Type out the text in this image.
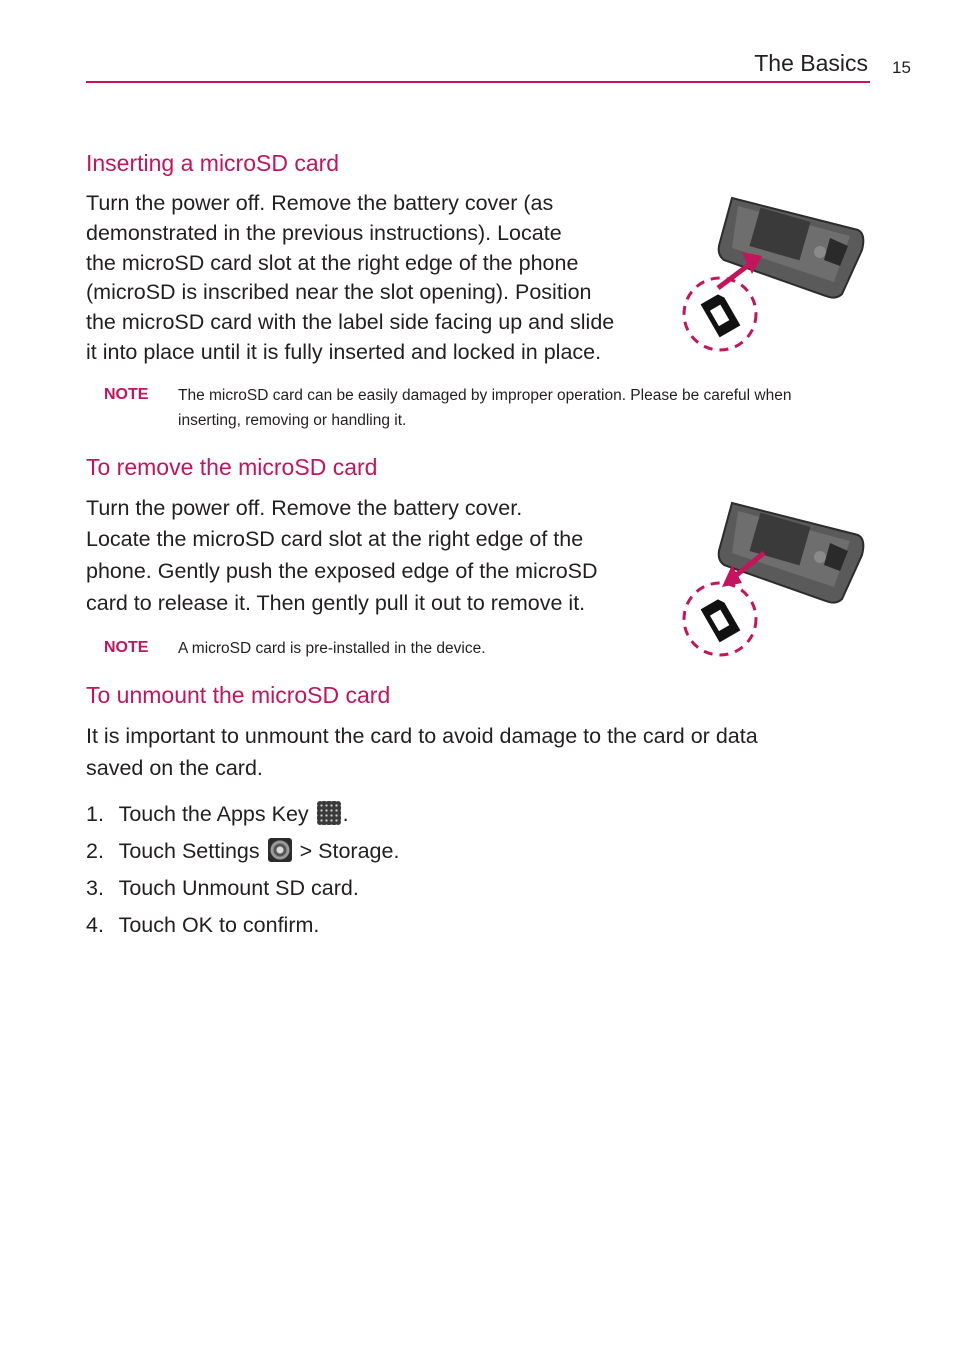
The Basics 15
Inserting a microSD card

Turn the power off. Remove the battery cover (as

demonstrated in the previous instructions). Locate

the microSD card slot at the right edge of the phone

(microSD is inscribed near the slot opening). Position

the microSD card with the label side facing up and slide

it into place until it is fully inserted and locked in place.

NOTE The microSD card can be easily damaged by improper operation. Please be careful when
inserting, removing or handling it.
To remove the microSD card

Turn the power off. Remove the battery cover.

Locate the microSD card slot at the right edge of the

phone. Gently push the exposed edge of the microSD

card to release it. Then gently pull it out to remove it.

NOTE A microSD card is pre-installed in the device.
To unmount the microSD card

It is important to unmount the card to avoid damage to the card or data

saved on the card.

1. Touch the Apps Key .
2. Touch Settings  > Storage.
3. Touch Unmount SD card.
4. Touch OK to confirm.
